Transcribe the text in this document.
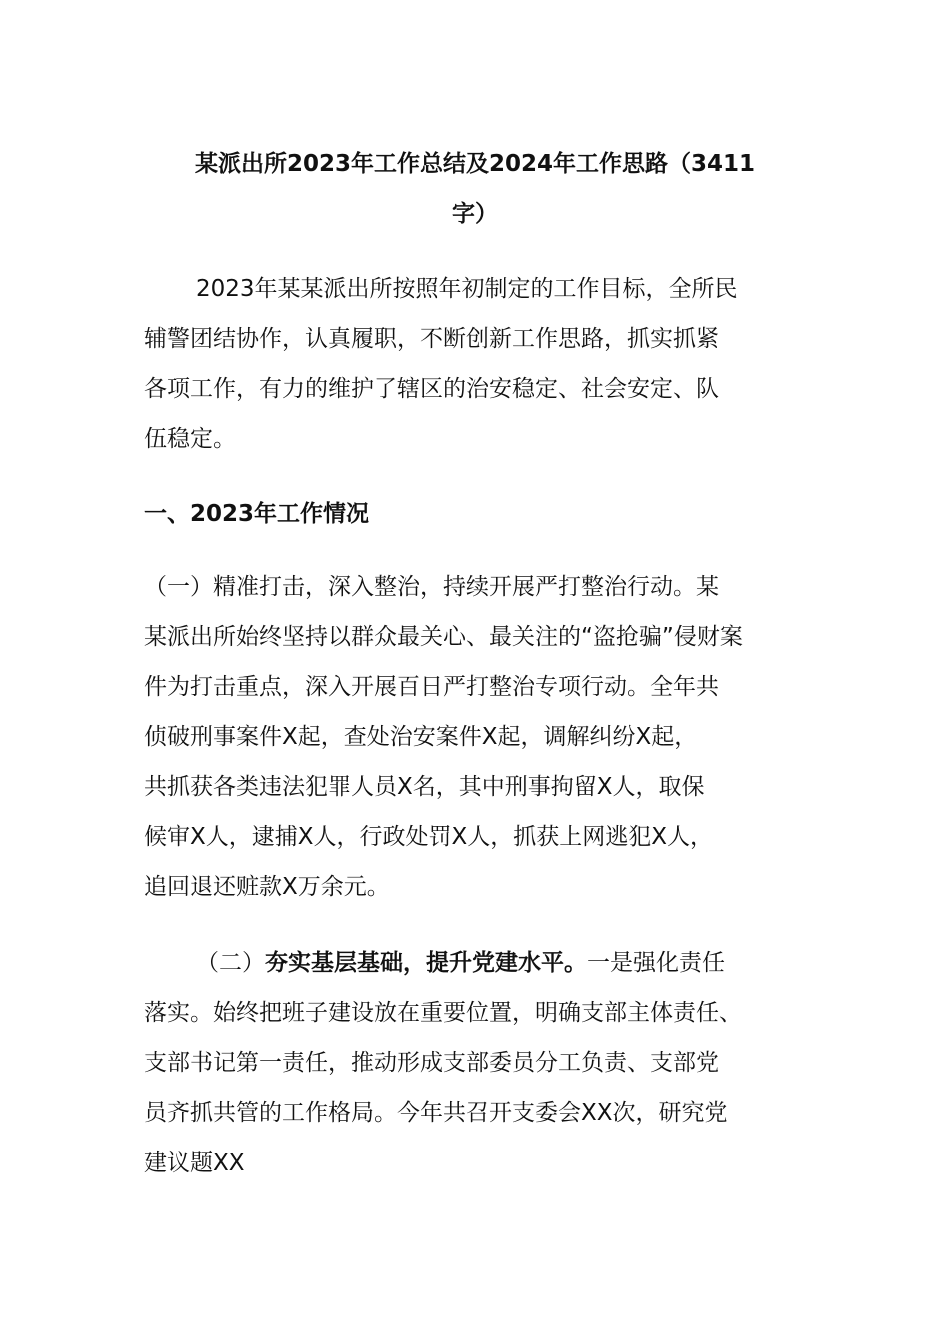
某派出所2023年工作总结及2024年工作思路（3411
字）
2023年某某派出所按照年初制定的工作目标，全所民
辅警团结协作，认真履职，不断创新工作思路，抓实抓紧
各项工作，有力的维护了辖区的治安稳定、社会安定、队
伍稳定。
一、2023年工作情况
（一）精准打击，深入整治，持续开展严打整治行动。某
某派出所始终坚持以群众最关心、最关注的“盗抢骗”侵财案
件为打击重点，深入开展百日严打整治专项行动。全年共
侦破刑事案件X起，查处治安案件X起，调解纠纷X起，
共抓获各类违法犯罪人员X名，其中刑事拘留X人，取保
候审X人，逮捕X人，行政处罚X人，抓获上网逃犯X人，
追回退还赃款X万余元。
（二）夯实基层基础，提升党建水平。一是强化责任
落实。始终把班子建设放在重要位置，明确支部主体责任、
支部书记第一责任，推动形成支部委员分工负责、支部党
员齐抓共管的工作格局。今年共召开支委会XX次，研究党
建议题XX
